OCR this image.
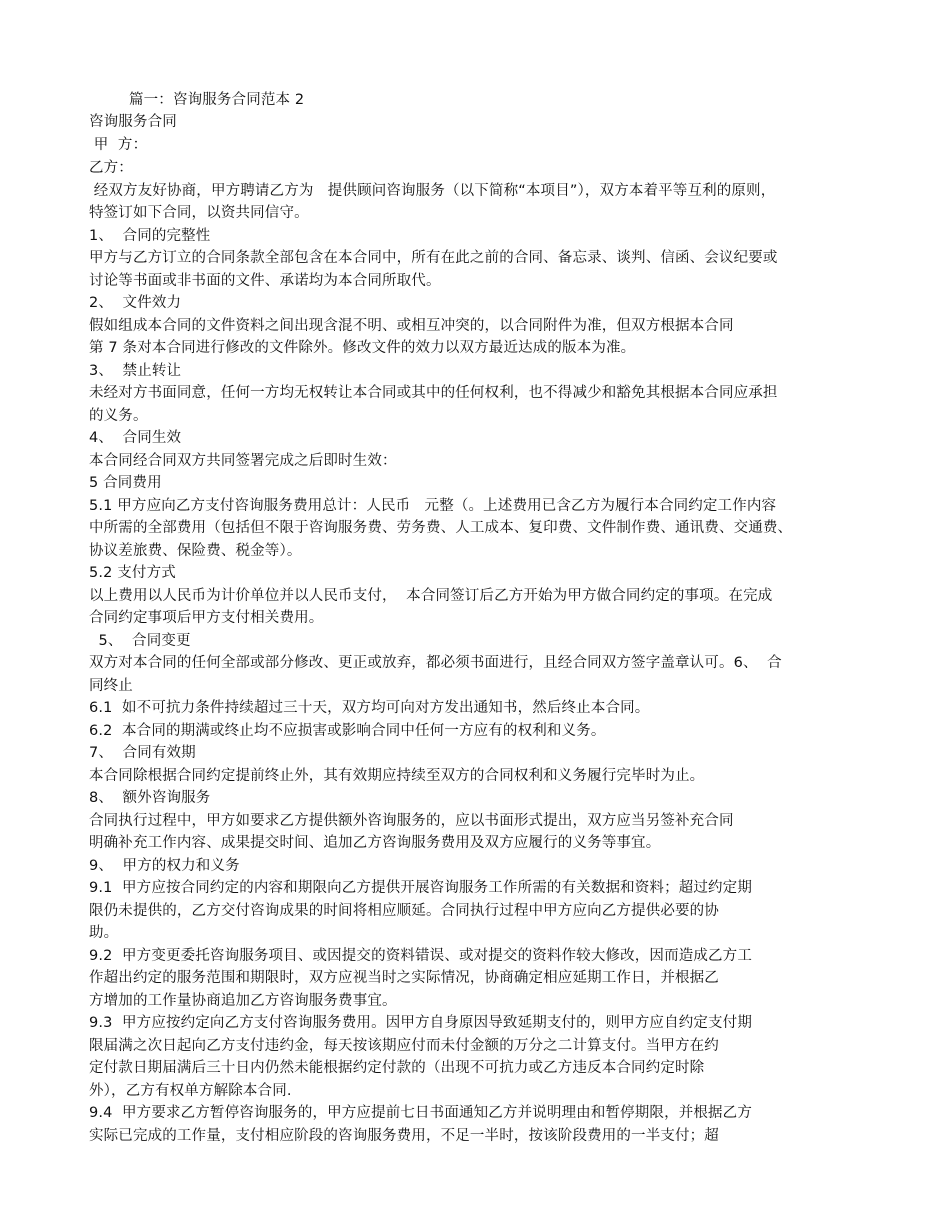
篇一：咨询服务合同范本 2
咨询服务合同
甲  方：
乙方：
经双方友好协商，甲方聘请乙方为   提供顾问咨询服务（以下简称“本项目”），双方本着平等互利的原则，
特签订如下合同，以资共同信守。
1、  合同的完整性
甲方与乙方订立的合同条款全部包含在本合同中，所有在此之前的合同、备忘录、谈判、信函、会议纪要或
讨论等书面或非书面的文件、承诺均为本合同所取代。
2、  文件效力
假如组成本合同的文件资料之间出现含混不明、或相互冲突的，以合同附件为准，但双方根据本合同
第 7 条对本合同进行修改的文件除外。修改文件的效力以双方最近达成的版本为准。
3、  禁止转让
未经对方书面同意，任何一方均无权转让本合同或其中的任何权利，也不得减少和豁免其根据本合同应承担
的义务。
4、  合同生效
本合同经合同双方共同签署完成之后即时生效：
5 合同费用
5.1 甲方应向乙方支付咨询服务费用总计：人民币   元整（。上述费用已含乙方为履行本合同约定工作内容
中所需的全部费用（包括但不限于咨询服务费、劳务费、人工成本、复印费、文件制作费、通讯费、交通费、
协议差旅费、保险费、税金等）。
5.2 支付方式
以上费用以人民币为计价单位并以人民币支付，  本合同签订后乙方开始为甲方做合同约定的事项。在完成
合同约定事项后甲方支付相关费用。
5、  合同变更
双方对本合同的任何全部或部分修改、更正或放弃，都必须书面进行，且经合同双方签字盖章认可。6、  合
同终止
6.1  如不可抗力条件持续超过三十天，双方均可向对方发出通知书，然后终止本合同。
6.2  本合同的期满或终止均不应损害或影响合同中任何一方应有的权利和义务。
7、  合同有效期
本合同除根据合同约定提前终止外，其有效期应持续至双方的合同权利和义务履行完毕时为止。
8、  额外咨询服务
合同执行过程中，甲方如要求乙方提供额外咨询服务的，应以书面形式提出，双方应当另签补充合同
明确补充工作内容、成果提交时间、追加乙方咨询服务费用及双方应履行的义务等事宜。
9、  甲方的权力和义务
9.1  甲方应按合同约定的内容和期限向乙方提供开展咨询服务工作所需的有关数据和资料；超过约定期
限仍未提供的，乙方交付咨询成果的时间将相应顺延。合同执行过程中甲方应向乙方提供必要的协
助。
9.2  甲方变更委托咨询服务项目、或因提交的资料错误、或对提交的资料作较大修改，因而造成乙方工
作超出约定的服务范围和期限时，双方应视当时之实际情况，协商确定相应延期工作日，并根据乙
方增加的工作量协商追加乙方咨询服务费事宜。
9.3  甲方应按约定向乙方支付咨询服务费用。因甲方自身原因导致延期支付的，则甲方应自约定支付期
限届满之次日起向乙方支付违约金，每天按该期应付而未付金额的万分之二计算支付。当甲方在约
定付款日期届满后三十日内仍然未能根据约定付款的（出现不可抗力或乙方违反本合同约定时除
外），乙方有权单方解除本合同.
9.4  甲方要求乙方暂停咨询服务的，甲方应提前七日书面通知乙方并说明理由和暂停期限，并根据乙方
实际已完成的工作量，支付相应阶段的咨询服务费用，不足一半时，按该阶段费用的一半支付；超
